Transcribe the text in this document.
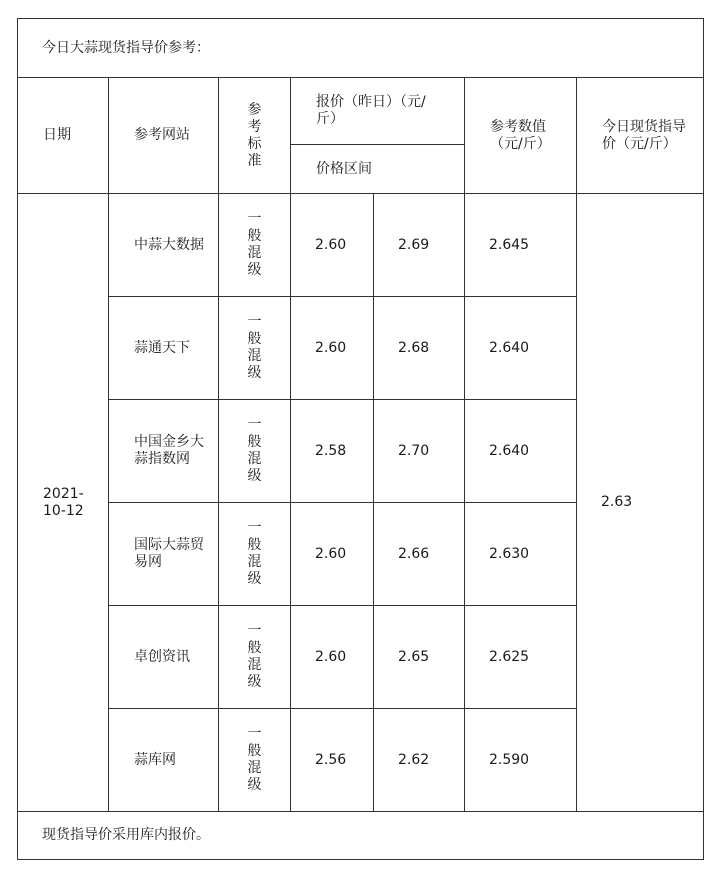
今日大蒜现货指导价参考：						
日期	参考网站	参考标准	报价（昨日）（元/斤）		参考数值（元/斤）	今日现货指导价（元/斤）

			价格区间			

2021-10-12	中蒜大数据	一般混级	2.60	2.69	2.645	2.63

	蒜通天下	一般混级	2.60	2.68	2.640	

	中国金乡大蒜指数网	一般混级	2.58	2.70	2.640	

	国际大蒜贸易网	一般混级	2.60	2.66	2.630	

	卓创资讯	一般混级	2.60	2.65	2.625	

	蒜库网	一般混级	2.56	2.62	2.590	
现货指导价采用库内报价。						
